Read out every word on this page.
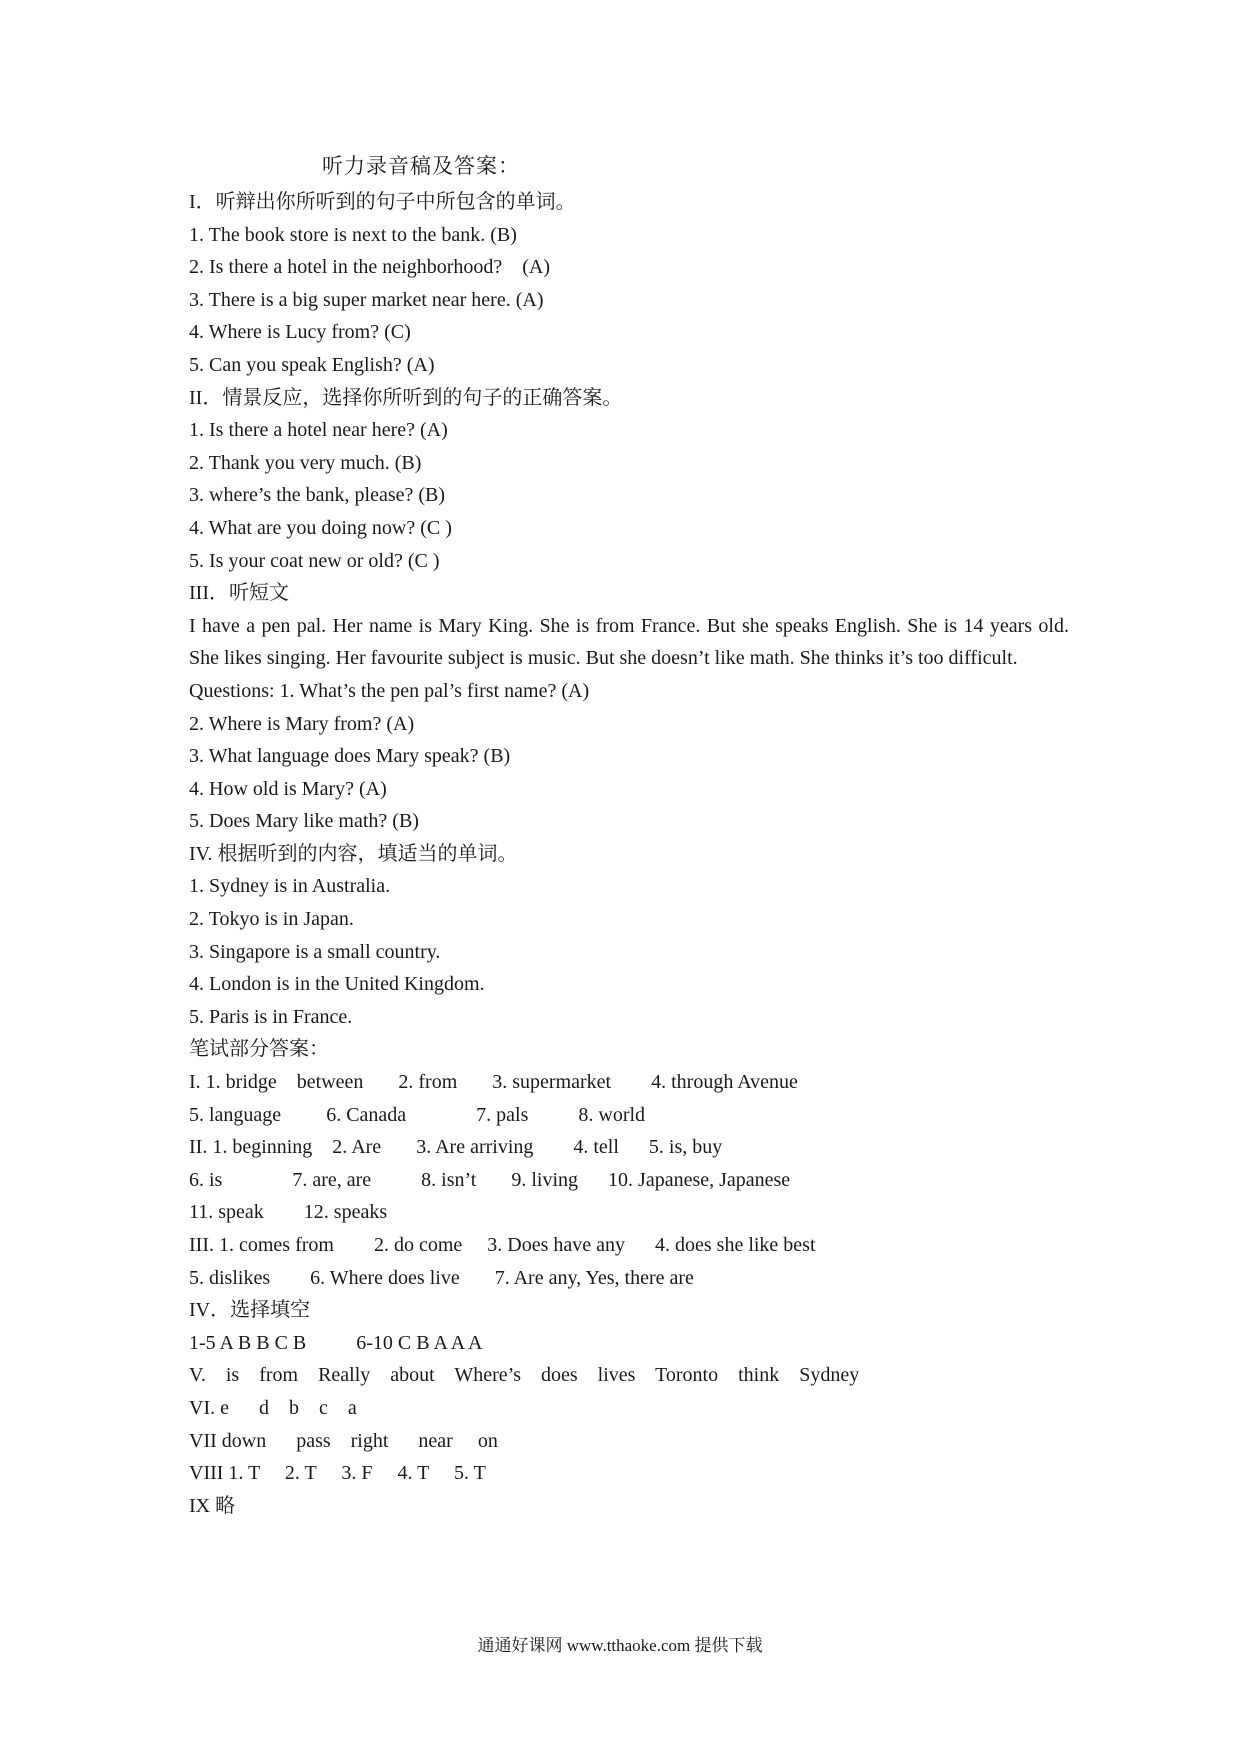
听力录音稿及答案：
I．听辩出你所听到的句子中所包含的单词。
1. The book store is next to the bank. (B)
2. Is there a hotel in the neighborhood?    (A)
3. There is a big super market near here. (A)
4. Where is Lucy from? (C)
5. Can you speak English? (A)
II．情景反应，选择你所听到的句子的正确答案。
1. Is there a hotel near here? (A)
2. Thank you very much. (B)
3. where’s the bank, please? (B)
4. What are you doing now? (C )
5. Is your coat new or old? (C )
III．听短文
I have a pen pal. Her name is Mary King. She is from France. But she speaks English. She is 14 years old. She likes singing. Her favourite subject is music. But she doesn’t like math. She thinks it’s too difficult.
Questions: 1. What’s the pen pal’s first name? (A)
2. Where is Mary from? (A)
3. What language does Mary speak? (B)
4. How old is Mary? (A)
5. Does Mary like math? (B)
IV. 根据听到的内容，填适当的单词。
1. Sydney is in Australia.
2. Tokyo is in Japan.
3. Singapore is a small country.
4. London is in the United Kingdom.
5. Paris is in France.
笔试部分答案：
I. 1. bridge    between       2. from       3. supermarket        4. through Avenue
5. language         6. Canada              7. pals          8. world
II. 1. beginning    2. Are       3. Are arriving        4. tell      5. is, buy
6. is              7. are, are          8. isn’t       9. living      10. Japanese, Japanese
11. speak        12. speaks
III. 1. comes from        2. do come     3. Does have any      4. does she like best
5. dislikes        6. Where does live       7. Are any, Yes, there are
IV．选择填空
1-5 A B B C B          6-10 C B A A A
V.    is    from    Really    about    Where’s    does    lives    Toronto    think    Sydney
VI. e      d    b    c    a
VII down      pass    right      near     on
VIII 1. T     2. T     3. F     4. T     5. T
IX 略
通通好课网 www.tthaoke.com 提供下载
